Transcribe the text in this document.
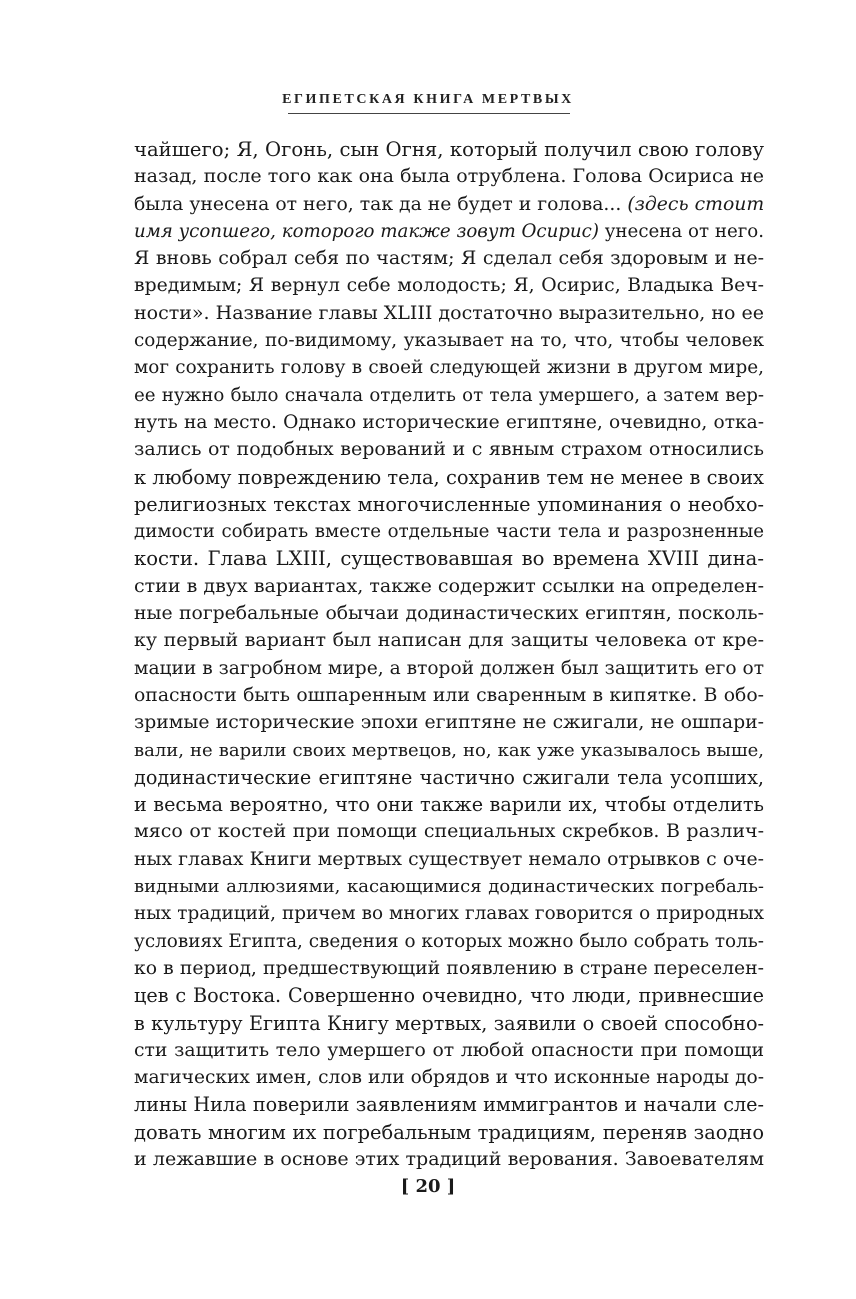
ЕГИПЕТСКАЯ КНИГА МЕРТВЫХ
чайшего; Я, Огонь, сын Огня, который получил свою голову
назад, после того как она была отрублена. Голова Осириса не
была унесена от него, так да не будет и голова... (здесь стоит
имя усопшего, которого также зовут Осирис) унесена от него.
Я вновь собрал себя по частям; Я сделал себя здоровым и не-
вредимым; Я вернул себе молодость; Я, Осирис, Владыка Веч-
ности». Название главы XLIII достаточно выразительно, но ее
содержание, по-видимому, указывает на то, что, чтобы человек
мог сохранить голову в своей следующей жизни в другом мире,
ее нужно было сначала отделить от тела умершего, а затем вер-
нуть на место. Однако исторические египтяне, очевидно, отка-
зались от подобных верований и с явным страхом относились
к любому повреждению тела, сохранив тем не менее в своих
религиозных текстах многочисленные упоминания о необхо-
димости собирать вместе отдельные части тела и разрозненные
кости. Глава LXIII, существовавшая во времена XVIII дина-
стии в двух вариантах, также содержит ссылки на определен-
ные погребальные обычаи додинастических египтян, посколь-
ку первый вариант был написан для защиты человека от кре-
мации в загробном мире, а второй должен был защитить его от
опасности быть ошпаренным или сваренным в кипятке. В обо-
зримые исторические эпохи египтяне не сжигали, не ошпари-
вали, не варили своих мертвецов, но, как уже указывалось выше,
додинастические египтяне частично сжигали тела усопших,
и весьма вероятно, что они также варили их, чтобы отделить
мясо от костей при помощи специальных скребков. В различ-
ных главах Книги мертвых существует немало отрывков с оче-
видными аллюзиями, касающимися додинастических погребаль-
ных традиций, причем во многих главах говорится о природных
условиях Египта, сведения о которых можно было собрать толь-
ко в период, предшествующий появлению в стране переселен-
цев с Востока. Совершенно очевидно, что люди, привнесшие
в культуру Египта Книгу мертвых, заявили о своей способно-
сти защитить тело умершего от любой опасности при помощи
магических имен, слов или обрядов и что исконные народы до-
лины Нила поверили заявлениям иммигрантов и начали сле-
довать многим их погребальным традициям, переняв заодно
и лежавшие в основе этих традиций верования. Завоевателям
[ 20 ]
